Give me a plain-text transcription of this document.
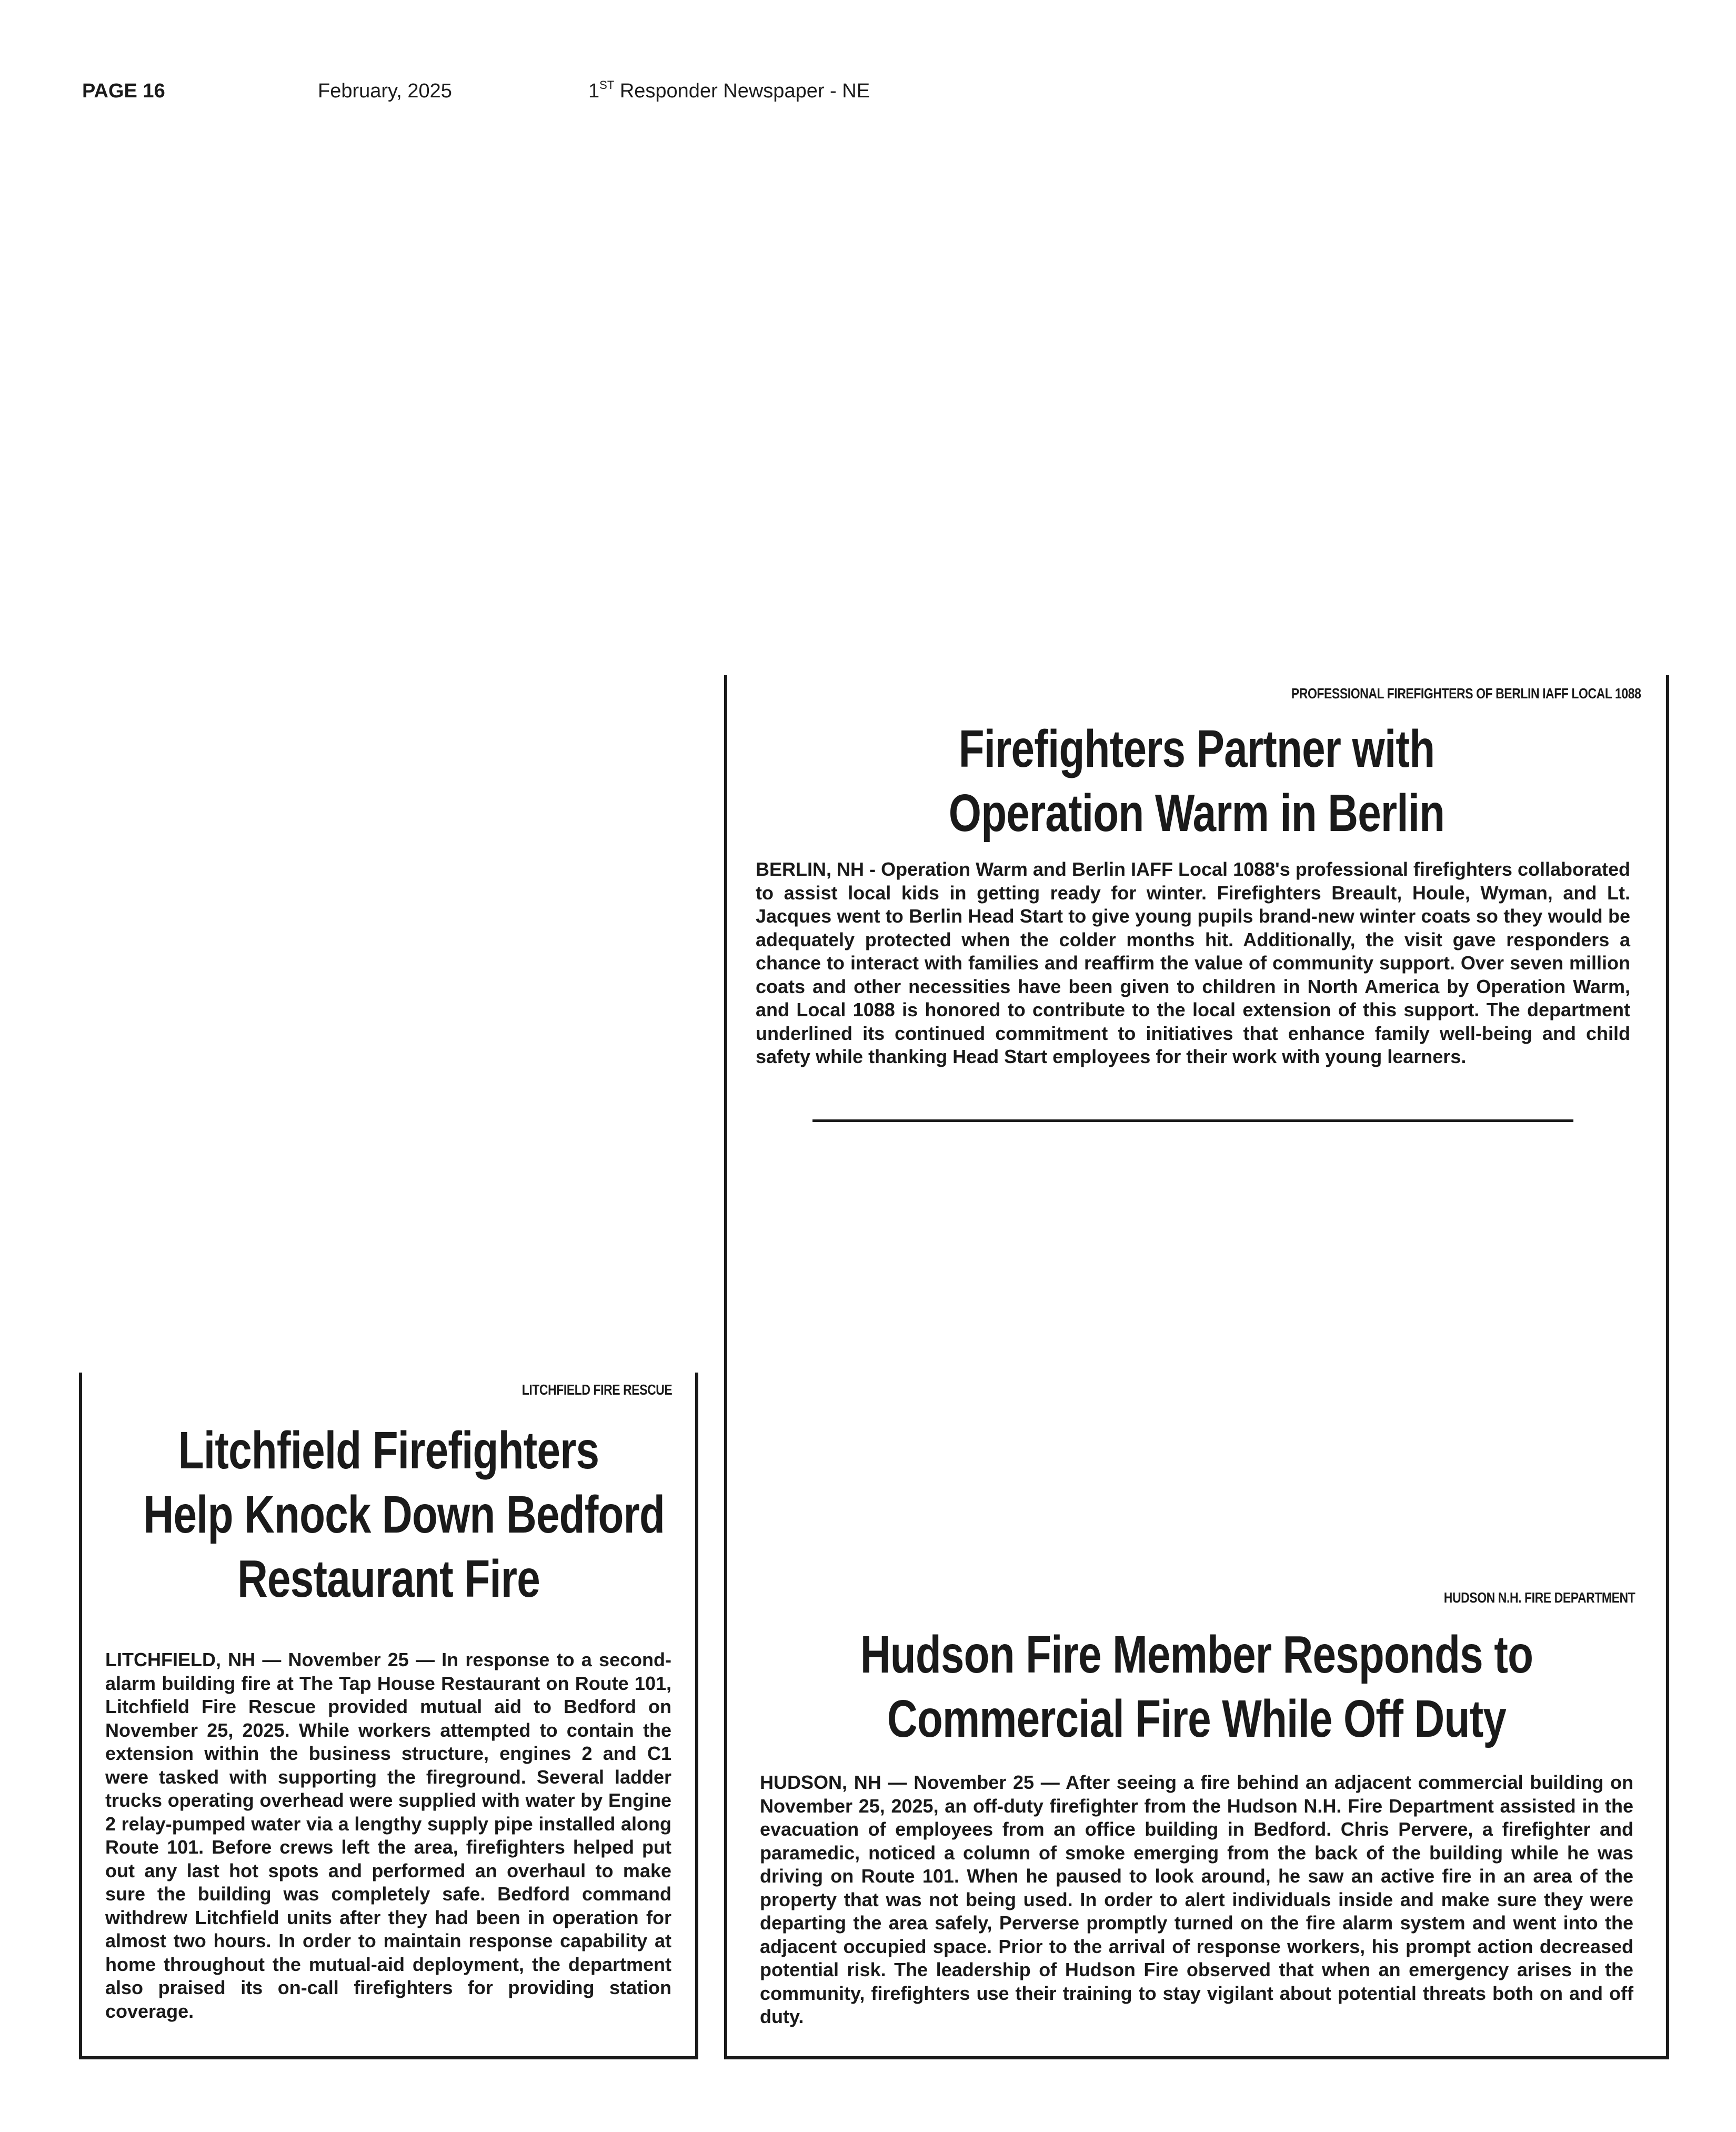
PAGE 16	February, 2025	1ST Responder Newspaper - NE
PROFESSIONAL FIREFIGHTERS OF BERLIN IAFF LOCAL 1088
Firefighters Partner with
Operation Warm in Berlin

BERLIN, NH - Operation Warm and Berlin IAFF Local 1088's professional firefighters collaborated to assist local kids in getting ready for winter. Firefighters Breault, Houle, Wyman, and Lt. Jacques went to Berlin Head Start to give young pupils brand-new winter coats so they would be adequately protected when the colder months hit. Additionally, the visit gave responders a chance to interact with families and reaffirm the value of community support. Over seven million coats and other necessities have been given to children in North America by Operation Warm, and Local 1088 is honored to contribute to the local extension of this support. The department underlined its continued commitment to initiatives that enhance family well-being and child safety while thanking Head Start employees for their work with young learners.

HUDSON N.H. FIRE DEPARTMENT
Hudson Fire Member Responds to
Commercial Fire While Off Duty

HUDSON, NH — November 25 — After seeing a fire behind an adjacent commercial building on November 25, 2025, an off-duty firefighter from the Hudson N.H. Fire Department assisted in the evacuation of employees from an office building in Bedford. Chris Pervere, a firefighter and paramedic, noticed a column of smoke emerging from the back of the building while he was driving on Route 101. When he paused to look around, he saw an active fire in an area of the property that was not being used. In order to alert individuals inside and make sure they were departing the area safely, Perverse promptly turned on the fire alarm system and went into the adjacent occupied space. Prior to the arrival of response workers, his prompt action decreased potential risk. The leadership of Hudson Fire observed that when an emergency arises in the community, firefighters use their training to stay vigilant about potential threats both on and off duty.

LITCHFIELD FIRE RESCUE
Litchfield Firefighters
Help Knock Down Bedford
Restaurant Fire

LITCHFIELD, NH — November 25 — In response to a second-alarm building fire at The Tap House Restaurant on Route 101, Litchfield Fire Rescue provided mutual aid to Bedford on November 25, 2025. While workers attempted to contain the extension within the business structure, engines 2 and C1 were tasked with supporting the fireground. Several ladder trucks operating overhead were supplied with water by Engine 2 relay-pumped water via a lengthy supply pipe installed along Route 101. Before crews left the area, firefighters helped put out any last hot spots and performed an overhaul to make sure the building was completely safe. Bedford command withdrew Litchfield units after they had been in operation for almost two hours. In order to maintain response capability at home throughout the mutual-aid deployment, the department also praised its on-call firefighters for providing station coverage.
